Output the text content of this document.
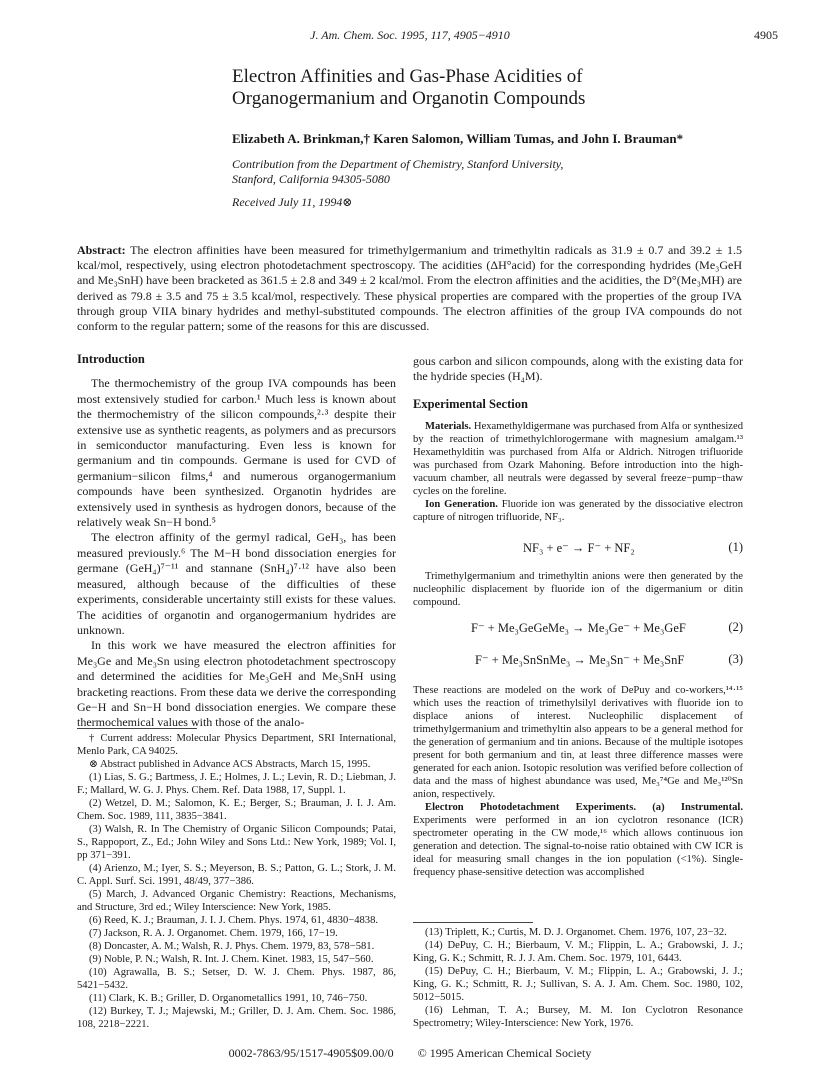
J. Am. Chem. Soc. 1995, 117, 4905−4910	4905
Electron Affinities and Gas-Phase Acidities of
Organogermanium and Organotin Compounds
Elizabeth A. Brinkman,† Karen Salomon, William Tumas, and John I. Brauman*
Contribution from the Department of Chemistry, Stanford University,
Stanford, California 94305-5080
Received July 11, 1994⊗
Abstract: The electron affinities have been measured for trimethylgermanium and trimethyltin radicals as 31.9 ± 0.7 and 39.2 ± 1.5 kcal/mol, respectively, using electron photodetachment spectroscopy. The acidities (ΔH°acid) for the corresponding hydrides (Me₃GeH and Me₃SnH) have been bracketed as 361.5 ± 2.8 and 349 ± 2 kcal/mol. From the electron affinities and the acidities, the D°(Me₃MH) are derived as 79.8 ± 3.5 and 75 ± 3.5 kcal/mol, respectively. These physical properties are compared with the properties of the group IVA through group VIIA binary hydrides and methyl-substituted compounds. The electron affinities of the group IVA compounds do not conform to the regular pattern; some of the reasons for this are discussed.
Introduction

The thermochemistry of the group IVA compounds has been most extensively studied for carbon.¹ Much less is known about the thermochemistry of the silicon compounds,²·³ despite their extensive use as synthetic reagents, as polymers and as precursors in semiconductor manufacturing. Even less is known for germanium and tin compounds. Germane is used for CVD of germanium−silicon films,⁴ and numerous organogermanium compounds have been synthesized. Organotin hydrides are extensively used in synthesis as hydrogen donors, because of the relatively weak Sn−H bond.⁵

The electron affinity of the germyl radical, GeH₃, has been measured previously.⁶ The M−H bond dissociation energies for germane (GeH₄)⁷⁻¹¹ and stannane (SnH₄)⁷·¹² have also been measured, although because of the difficulties of these experiments, considerable uncertainty still exists for these values. The acidities of organotin and organogermanium hydrides are unknown.

In this work we have measured the electron affinities for Me₃Ge and Me₃Sn using electron photodetachment spectroscopy and determined the acidities for Me₃GeH and Me₃SnH using bracketing reactions. From these data we derive the corresponding Ge−H and Sn−H bond dissociation energies. We compare these thermochemical values with those of the analo-

† Current address: Molecular Physics Department, SRI International, Menlo Park, CA 94025.

⊗ Abstract published in Advance ACS Abstracts, March 15, 1995.

(1) Lias, S. G.; Bartmess, J. E.; Holmes, J. L.; Levin, R. D.; Liebman, J. F.; Mallard, W. G. J. Phys. Chem. Ref. Data 1988, 17, Suppl. 1.

(2) Wetzel, D. M.; Salomon, K. E.; Berger, S.; Brauman, J. I. J. Am. Chem. Soc. 1989, 111, 3835−3841.

(3) Walsh, R. In The Chemistry of Organic Silicon Compounds; Patai, S., Rappoport, Z., Ed.; John Wiley and Sons Ltd.: New York, 1989; Vol. I, pp 371−391.

(4) Arienzo, M.; Iyer, S. S.; Meyerson, B. S.; Patton, G. L.; Stork, J. M. C. Appl. Surf. Sci. 1991, 48/49, 377−386.

(5) March, J. Advanced Organic Chemistry: Reactions, Mechanisms, and Structure, 3rd ed.; Wiley Interscience: New York, 1985.

(6) Reed, K. J.; Brauman, J. I. J. Chem. Phys. 1974, 61, 4830−4838.

(7) Jackson, R. A. J. Organomet. Chem. 1979, 166, 17−19.

(8) Doncaster, A. M.; Walsh, R. J. Phys. Chem. 1979, 83, 578−581.

(9) Noble, P. N.; Walsh, R. Int. J. Chem. Kinet. 1983, 15, 547−560.

(10) Agrawalla, B. S.; Setser, D. W. J. Chem. Phys. 1987, 86, 5421−5432.

(11) Clark, K. B.; Griller, D. Organometallics 1991, 10, 746−750.

(12) Burkey, T. J.; Majewski, M.; Griller, D. J. Am. Chem. Soc. 1986, 108, 2218−2221.

gous carbon and silicon compounds, along with the existing data for the hydride species (H₄M).

Experimental Section

Materials. Hexamethyldigermane was purchased from Alfa or synthesized by the reaction of trimethylchlorogermane with magnesium amalgam.¹³ Hexamethylditin was purchased from Alfa or Aldrich. Nitrogen trifluoride was purchased from Ozark Mahoning. Before introduction into the high-vacuum chamber, all neutrals were degassed by several freeze−pump−thaw cycles on the foreline.

Ion Generation. Fluoride ion was generated by the dissociative electron capture of nitrogen trifluoride, NF₃.

NF₃ + e⁻ → F⁻ + NF₂	(1)

Trimethylgermanium and trimethyltin anions were then generated by the nucleophilic displacement by fluoride ion of the digermanium or ditin compound.

F⁻ + Me₃GeGeMe₃ → Me₃Ge⁻ + Me₃GeF	(2)
F⁻ + Me₃SnSnMe₃ → Me₃Sn⁻ + Me₃SnF	(3)

These reactions are modeled on the work of DePuy and co-workers,¹⁴·¹⁵ which uses the reaction of trimethylsilyl derivatives with fluoride ion to displace anions of interest. Nucleophilic displacement of trimethylgermanium and trimethyltin also appears to be a general method for the generation of germanium and tin anions. Because of the multiple isotopes present for both germanium and tin, at least three difference masses were generated for each anion. Isotopic resolution was verified before collection of data and the mass of highest abundance was used, Me₃⁷⁴Ge and Me₃¹²⁰Sn anion, respectively.

Electron Photodetachment Experiments. (a) Instrumental. Experiments were performed in an ion cyclotron resonance (ICR) spectrometer operating in the CW mode,¹⁶ which allows continuous ion generation and detection. The signal-to-noise ratio obtained with CW ICR is ideal for measuring small changes in the ion population (<1%). Single-frequency phase-sensitive detection was accomplished

(13) Triplett, K.; Curtis, M. D. J. Organomet. Chem. 1976, 107, 23−32.

(14) DePuy, C. H.; Bierbaum, V. M.; Flippin, L. A.; Grabowski, J. J.; King, G. K.; Schmitt, R. J. J. Am. Chem. Soc. 1979, 101, 6443.

(15) DePuy, C. H.; Bierbaum, V. M.; Flippin, L. A.; Grabowski, J. J.; King, G. K.; Schmitt, R. J.; Sullivan, S. A. J. Am. Chem. Soc. 1980, 102, 5012−5015.

(16) Lehman, T. A.; Bursey, M. M. Ion Cyclotron Resonance Spectrometry; Wiley-Interscience: New York, 1976.

0002-7863/95/1517-4905$09.00/0 © 1995 American Chemical Society
